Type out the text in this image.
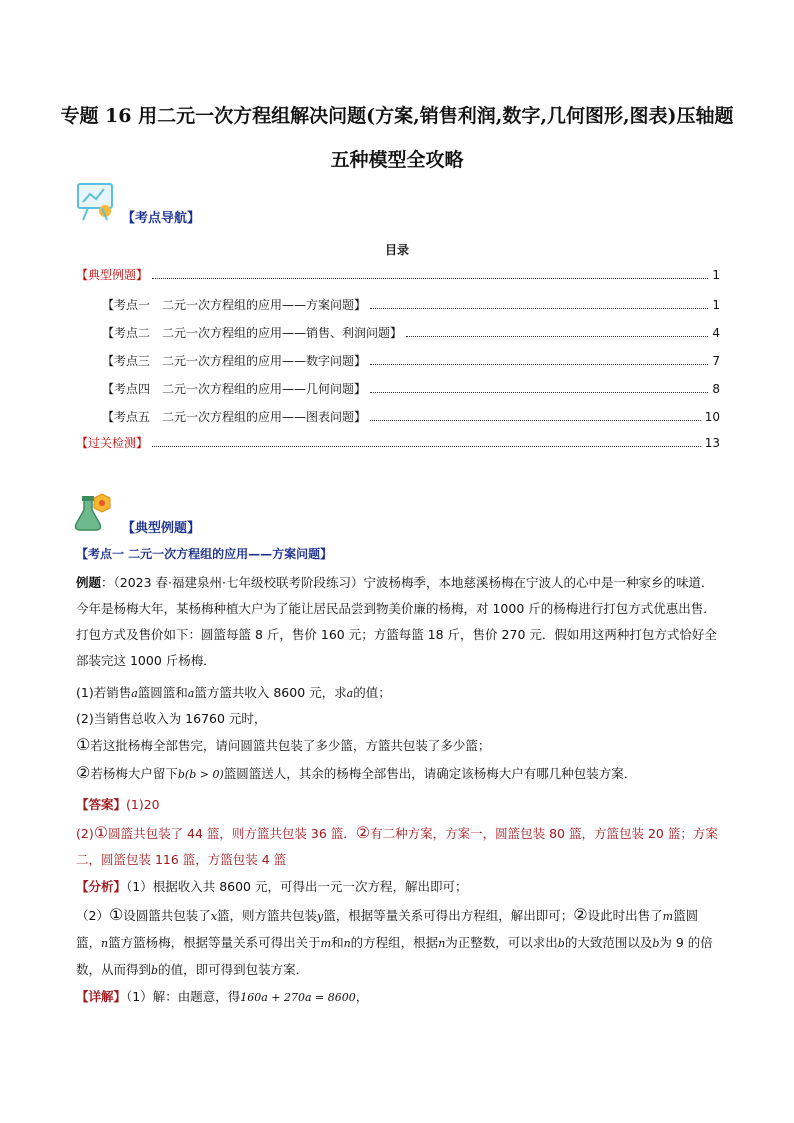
专题 16 用二元一次方程组解决问题(方案,销售利润,数字,几何图形,图表)压轴题五种模型全攻略
【考点导航】
目录
【典型例题】	1
【考点一　二元一次方程组的应用——方案问题】	1
【考点二　二元一次方程组的应用——销售、利润问题】	4
【考点三　二元一次方程组的应用——数字问题】	7
【考点四　二元一次方程组的应用——几何问题】	8
【考点五　二元一次方程组的应用——图表问题】	10
【过关检测】	13
【典型例题】
【考点一 二元一次方程组的应用——方案问题】
例题：（2023 春·福建泉州·七年级校联考阶段练习）宁波杨梅季，本地慈溪杨梅在宁波人的心中是一种家乡的味道．今年是杨梅大年，某杨梅种植大户为了能让居民品尝到物美价廉的杨梅，对 1000 斤的杨梅进行打包方式优惠出售．打包方式及售价如下：圆篮每篮 8 斤，售价 160 元；方篮每篮 18 斤，售价 270 元．假如用这两种打包方式恰好全部装完这 1000 斤杨梅．
(1)若销售a篮圆篮和a篮方篮共收入 8600 元，求a的值；
(2)当销售总收入为 16760 元时，
①若这批杨梅全部售完，请问圆篮共包装了多少篮，方篮共包装了多少篮；
②若杨梅大户留下b(b > 0)篮圆篮送人，其余的杨梅全部售出，请确定该杨梅大户有哪几种包装方案．
【答案】(1)20
(2)①圆篮共包装了 44 篮，则方篮共包装 36 篮．②有二种方案，方案一，圆篮包装 80 篮，方篮包装 20 篮；方案二，圆篮包装 116 篮，方篮包装 4 篮
【分析】（1）根据收入共 8600 元，可得出一元一次方程，解出即可；
（2）①设圆篮共包装了x篮，则方篮共包装y篮，根据等量关系可得出方程组，解出即可；②设此时出售了m篮圆篮，n篮方篮杨梅，根据等量关系可得出关于m和n的方程组，根据n为正整数，可以求出b的大致范围以及b为 9 的倍数，从而得到b的值，即可得到包装方案．
【详解】（1）解：由题意，得160a + 270a = 8600，
